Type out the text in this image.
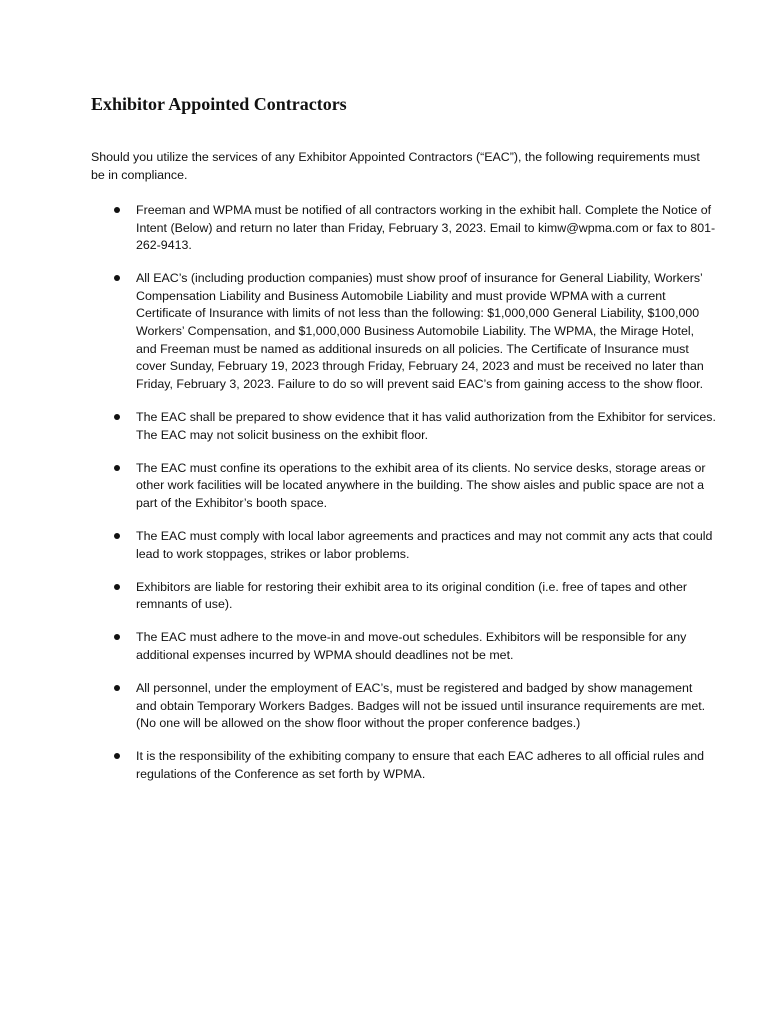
Exhibitor Appointed Contractors

Should you utilize the services of any Exhibitor Appointed Contractors (“EAC”), the following requirements must be in compliance.

Freeman and WPMA must be notified of all contractors working in the exhibit hall. Complete the Notice of Intent (Below) and return no later than Friday, February 3, 2023. Email to kimw@wpma.com or fax to 801-262-9413.
All EAC’s (including production companies) must show proof of insurance for General Liability, Workers’ Compensation Liability and Business Automobile Liability and must provide WPMA with a current Certificate of Insurance with limits of not less than the following: $1,000,000 General Liability, $100,000 Workers’ Compensation, and $1,000,000 Business Automobile Liability. The WPMA, the Mirage Hotel, and Freeman must be named as additional insureds on all policies. The Certificate of Insurance must cover Sunday, February 19, 2023 through Friday, February 24, 2023 and must be received no later than Friday, February 3, 2023. Failure to do so will prevent said EAC’s from gaining access to the show floor.
The EAC shall be prepared to show evidence that it has valid authorization from the Exhibitor for services. The EAC may not solicit business on the exhibit floor.
The EAC must confine its operations to the exhibit area of its clients. No service desks, storage areas or other work facilities will be located anywhere in the building. The show aisles and public space are not a part of the Exhibitor’s booth space.
The EAC must comply with local labor agreements and practices and may not commit any acts that could lead to work stoppages, strikes or labor problems.
Exhibitors are liable for restoring their exhibit area to its original condition (i.e. free of tapes and other remnants of use).
The EAC must adhere to the move-in and move-out schedules. Exhibitors will be responsible for any additional expenses incurred by WPMA should deadlines not be met.
All personnel, under the employment of EAC’s, must be registered and badged by show management and obtain Temporary Workers Badges. Badges will not be issued until insurance requirements are met. (No one will be allowed on the show floor without the proper conference badges.)
It is the responsibility of the exhibiting company to ensure that each EAC adheres to all official rules and regulations of the Conference as set forth by WPMA.
